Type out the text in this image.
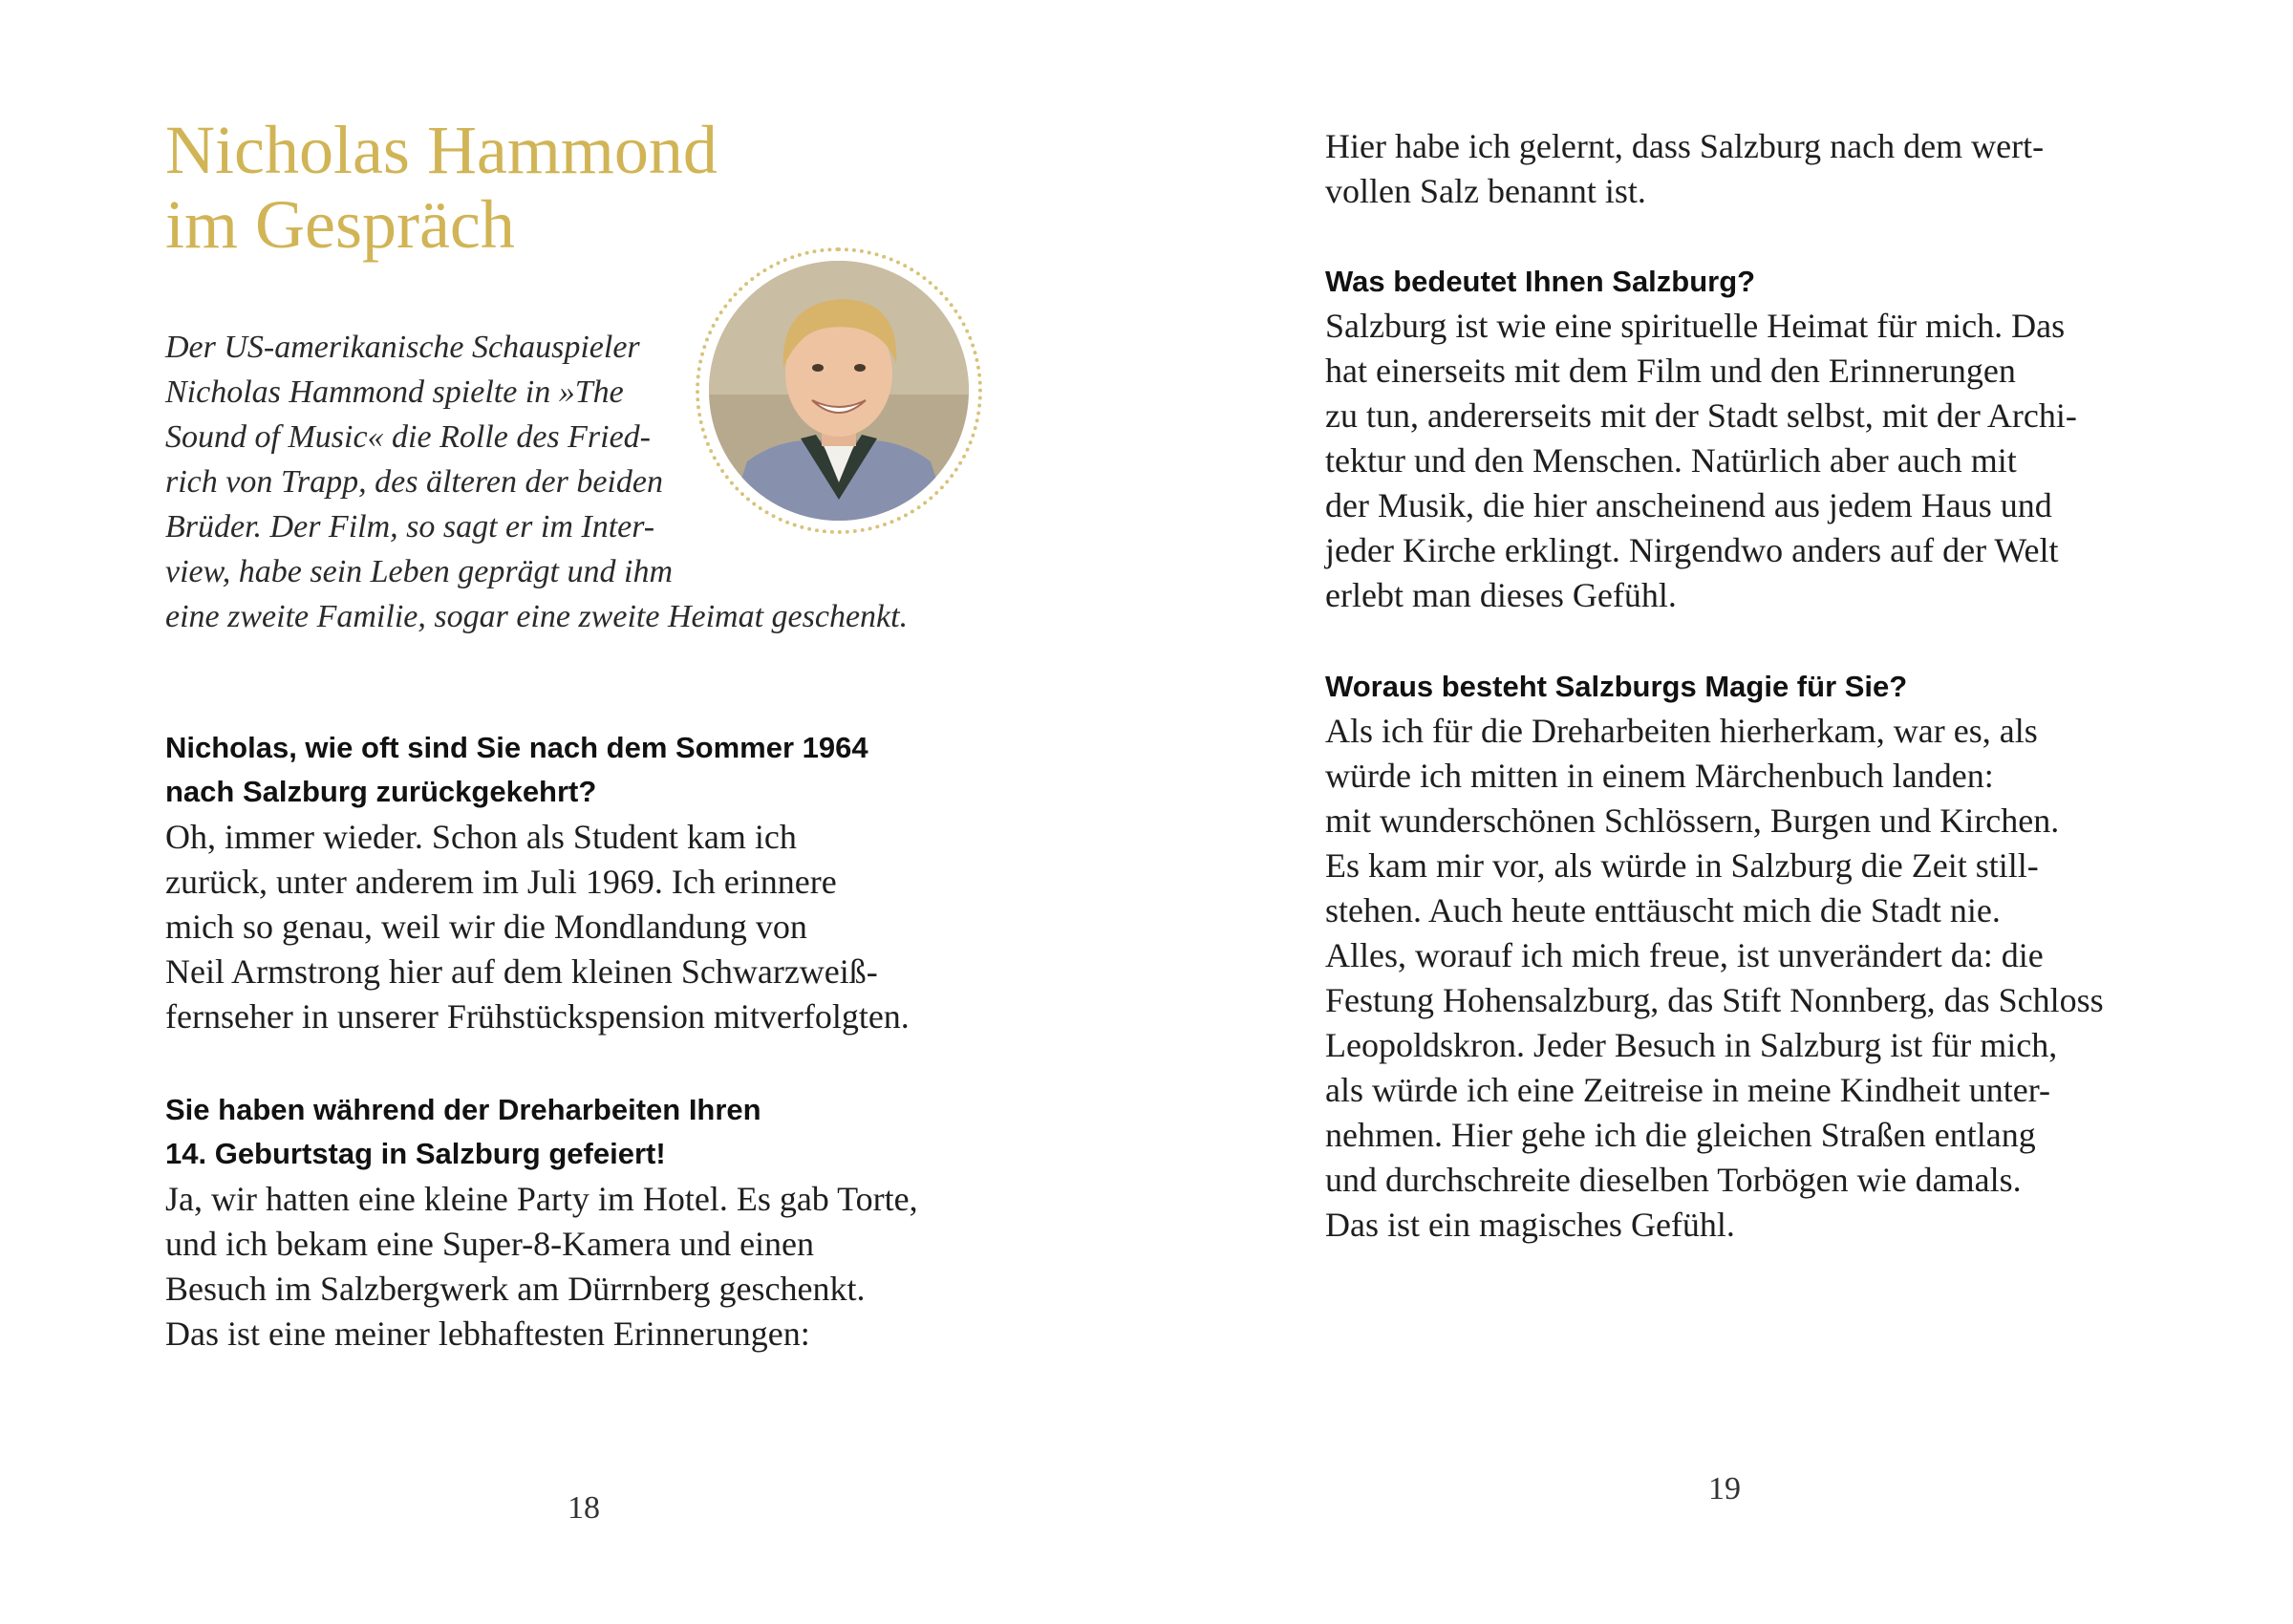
Nicholas Hammond
im Gespräch
Der US-amerikanische Schauspieler
Nicholas Hammond spielte in »The
Sound of Music« die Rolle des Fried-
rich von Trapp, des älteren der beiden
Brüder. Der Film, so sagt er im Inter-
view, habe sein Leben geprägt und ihm
eine zweite Familie, sogar eine zweite Heimat geschenkt.
Nicholas, wie oft sind Sie nach dem Sommer 1964
nach Salzburg zurückgekehrt?
Oh, immer wieder. Schon als Student kam ich
zurück, unter anderem im Juli 1969. Ich erinnere
mich so genau, weil wir die Mondlandung von
Neil Armstrong hier auf dem kleinen Schwarzweiß-
fernseher in unserer Frühstückspension mitverfolgten.
Sie haben während der Dreharbeiten Ihren
14. Geburtstag in Salzburg gefeiert!
Ja, wir hatten eine kleine Party im Hotel. Es gab Torte,
und ich bekam eine Super-8-Kamera und einen
Besuch im Salzbergwerk am Dürrnberg geschenkt.
Das ist eine meiner lebhaftesten Erinnerungen:
18
Hier habe ich gelernt, dass Salzburg nach dem wert-
vollen Salz benannt ist.
Was bedeutet Ihnen Salzburg?
Salzburg ist wie eine spirituelle Heimat für mich. Das
hat einerseits mit dem Film und den Erinnerungen
zu tun, andererseits mit der Stadt selbst, mit der Archi-
tektur und den Menschen. Natürlich aber auch mit
der Musik, die hier anscheinend aus jedem Haus und
jeder Kirche erklingt. Nirgendwo anders auf der Welt
erlebt man dieses Gefühl.
Woraus besteht Salzburgs Magie für Sie?
Als ich für die Dreharbeiten hierherkam, war es, als
würde ich mitten in einem Märchenbuch landen:
mit wunderschönen Schlössern, Burgen und Kirchen.
Es kam mir vor, als würde in Salzburg die Zeit still-
stehen. Auch heute enttäuscht mich die Stadt nie.
Alles, worauf ich mich freue, ist unverändert da: die
Festung Hohensalzburg, das Stift Nonnberg, das Schloss
Leopoldskron. Jeder Besuch in Salzburg ist für mich,
als würde ich eine Zeitreise in meine Kindheit unter-
nehmen. Hier gehe ich die gleichen Straßen entlang
und durchschreite dieselben Torbögen wie damals.
Das ist ein magisches Gefühl.
19
